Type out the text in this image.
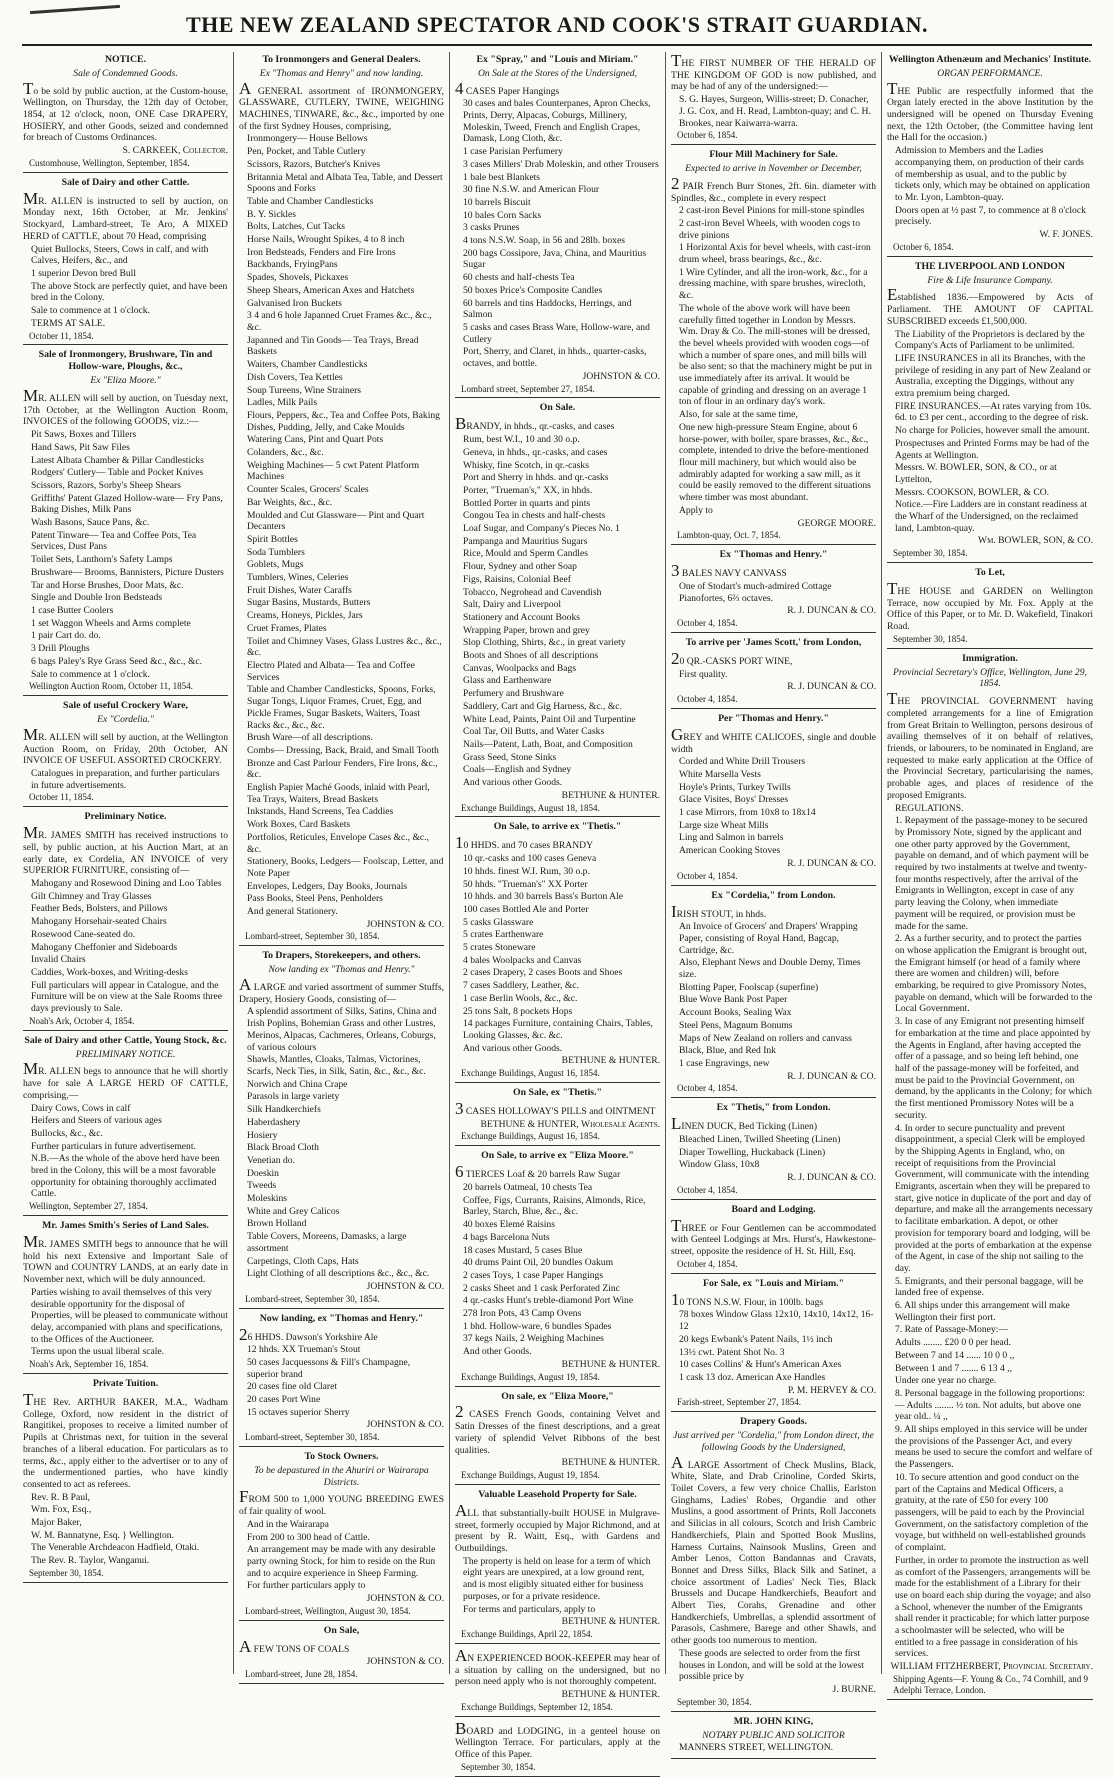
THE NEW ZEALAND SPECTATOR AND COOK'S STRAIT GUARDIAN.
NOTICE.
Sale of Condemned Goods.
To be sold by public auction, at the Custom-house, Wellington, on Thursday, the 12th day of October, 1854, at 12 o'clock, noon, ONE Case DRAPERY, HOSIERY, and other Goods, seized and condemned for breach of Customs Ordinances.
S. CARKEEK, Collector.
Customhouse, Wellington, September, 1854.
Sale of Dairy and other Cattle.
MR. ALLEN is instructed to sell by auction, on Monday next, 16th October, at Mr. Jenkins' Stockyard, Lambard-street, Te Aro, A MIXED HERD of CATTLE, about 70 Head, comprising
Quiet Bullocks, Steers, Cows in calf, and with Calves, Heifers, &c., and
1 superior Devon bred Bull
The above Stock are perfectly quiet, and have been bred in the Colony.
Sale to commence at 1 o'clock.
TERMS AT SALE.
October 11, 1854.
Sale of Ironmongery, Brushware, Tin and Hollow-ware, Ploughs, &c.,
Ex "Eliza Moore."
MR. ALLEN will sell by auction, on Tuesday next, 17th October, at the Wellington Auction Room, INVOICES of the following GOODS, viz.:—
Pit Saws, Boxes and Tillers
Hand Saws, Pit Saw Files
Latest Albata Chamber & Pillar Candlesticks
Rodgers' Cutlery— Table and Pocket Knives
Scissors, Razors, Sorby's Sheep Shears
Griffiths' Patent Glazed Hollow-ware— Fry Pans, Baking Dishes, Milk Pans
Wash Basons, Sauce Pans, &c.
Patent Tinware— Tea and Coffee Pots, Tea Services, Dust Pans
Toilet Sets, Lanthorn's Safety Lamps
Brushware— Brooms, Bannisters, Picture Dusters
Tar and Horse Brushes, Door Mats, &c.
Single and Double Iron Bedsteads
1 case Butter Coolers
1 set Waggon Wheels and Arms complete
1 pair Cart do. do.
3 Drill Ploughs
6 bags Paley's Rye Grass Seed &c., &c., &c.
Sale to commence at 1 o'clock.
Wellington Auction Room, October 11, 1854.
Sale of useful Crockery Ware,
Ex "Cordelia."
MR. ALLEN will sell by auction, at the Wellington Auction Room, on Friday, 20th October, AN INVOICE OF USEFUL ASSORTED CROCKERY.
Catalogues in preparation, and further particulars in future advertisements.
October 11, 1854.
Preliminary Notice.
MR. JAMES SMITH has received instructions to sell, by public auction, at his Auction Mart, at an early date, ex Cordelia, AN INVOICE of very SUPERIOR FURNITURE, consisting of—
Mahogany and Rosewood Dining and Loo Tables
Gilt Chimney and Tray Glasses
Feather Beds, Bolsters, and Pillows
Mahogany Horsehair-seated Chairs
Rosewood Cane-seated do.
Mahogany Cheffonier and Sideboards
Invalid Chairs
Caddies, Work-boxes, and Writing-desks
Full particulars will appear in Catalogue, and the Furniture will be on view at the Sale Rooms three days previously to Sale.
Noah's Ark, October 4, 1854.
Sale of Dairy and other Cattle, Young Stock, &c.
PRELIMINARY NOTICE.
MR. ALLEN begs to announce that he will shortly have for sale A LARGE HERD OF CATTLE, comprising,—
Dairy Cows, Cows in calf
Heifers and Steers of various ages
Bullocks, &c., &c.
Further particulars in future advertisement.
N.B.—As the whole of the above herd have been bred in the Colony, this will be a most favorable opportunity for obtaining thoroughly acclimated Cattle.
Wellington, September 27, 1854.
Mr. James Smith's Series of Land Sales.
MR. JAMES SMITH begs to announce that he will hold his next Extensive and Important Sale of TOWN and COUNTRY LANDS, at an early date in November next, which will be duly announced.
Parties wishing to avail themselves of this very desirable opportunity for the disposal of Properties, will be pleased to communicate without delay, accompanied with plans and specifications, to the Offices of the Auctioneer.
Terms upon the usual liberal scale.
Noah's Ark, September 16, 1854.
Private Tuition.
THE Rev. ARTHUR BAKER, M.A., Wadham College, Oxford, now resident in the district of Rangitikei, proposes to receive a limited number of Pupils at Christmas next, for tuition in the several branches of a liberal education. For particulars as to terms, &c., apply either to the advertiser or to any of the undermentioned parties, who have kindly consented to act as referees.
Rev. R. B Paul,
Wm. Fox, Esq.,
Major Baker,
W. M. Bannatyne, Esq. } Wellington.
The Venerable Archdeacon Hadfield, Otaki.
The Rev. R. Taylor, Wanganui.
September 30, 1854.
To Ironmongers and General Dealers.
Ex "Thomas and Henry" and now landing.
A GENERAL assortment of IRONMONGERY, GLASSWARE, CUTLERY, TWINE, WEIGHING MACHINES, TINWARE, &c., &c., imported by one of the first Sydney Houses, comprising,
Ironmongery— House Bellows
Pen, Pocket, and Table Cutlery
Scissors, Razors, Butcher's Knives
Britannia Metal and Albata Tea, Table, and Dessert Spoons and Forks
Table and Chamber Candlesticks
B. Y. Sickles
Bolts, Latches, Cut Tacks
Horse Nails, Wrought Spikes, 4 to 8 inch
Iron Bedsteads, Fenders and Fire Irons
Backbands, FryingPans
Spades, Shovels, Pickaxes
Sheep Shears, American Axes and Hatchets
Galvanised Iron Buckets
3 4 and 6 hole Japanned Cruet Frames &c., &c., &c.
Japanned and Tin Goods— Tea Trays, Bread Baskets
Waiters, Chamber Candlesticks
Dish Covers, Tea Kettles
Soup Tureens, Wine Strainers
Ladles, Milk Pails
Flours, Peppers, &c., Tea and Coffee Pots, Baking Dishes, Pudding, Jelly, and Cake Moulds
Watering Cans, Pint and Quart Pots
Colanders, &c., &c.
Weighing Machines— 5 cwt Patent Platform Machines
Counter Scales, Grocers' Scales
Bar Weights, &c., &c.
Moulded and Cut Glassware— Pint and Quart Decanters
Spirit Bottles
Soda Tumblers
Goblets, Mugs
Tumblers, Wines, Celeries
Fruit Dishes, Water Caraffs
Sugar Basins, Mustards, Butters
Creams, Honeys, Pickles, Jars
Cruet Frames, Plates
Toilet and Chimney Vases, Glass Lustres &c., &c., &c.
Electro Plated and Albata— Tea and Coffee Services
Table and Chamber Candlesticks, Spoons, Forks, Sugar Tongs, Liquor Frames, Cruet, Egg, and Pickle Frames, Sugar Baskets, Waiters, Toast Racks &c., &c., &c.
Brush Ware—of all descriptions.
Combs— Dressing, Back, Braid, and Small Tooth
Bronze and Cast Parlour Fenders, Fire Irons, &c., &c.
English Papier Maché Goods, inlaid with Pearl, Tea Trays, Waiters, Bread Baskets
Inkstands, Hand Screens, Tea Caddies
Work Boxes, Card Baskets
Portfolios, Reticules, Envelope Cases &c., &c., &c.
Stationery, Books, Ledgers— Foolscap, Letter, and Note Paper
Envelopes, Ledgers, Day Books, Journals
Pass Books, Steel Pens, Penholders
And general Stationery.
JOHNSTON & CO.
Lombard-street, September 30, 1854.
To Drapers, Storekeepers, and others.
Now landing ex "Thomas and Henry."
A LARGE and varied assortment of summer Stuffs, Drapery, Hosiery Goods, consisting of—
A splendid assortment of Silks, Satins, China and Irish Poplins, Bohemian Grass and other Lustres, Merinos, Alpacas, Cachmeres, Orleans, Coburgs, of various colours
Shawls, Mantles, Cloaks, Talmas, Victorines, Scarfs, Neck Ties, in Silk, Satin, &c., &c., &c.
Norwich and China Crape
Parasols in large variety
Silk Handkerchiefs
Haberdashery
Hosiery
Black Broad Cloth
Venetian do.
Doeskin
Tweeds
Moleskins
White and Grey Calicos
Brown Holland
Table Covers, Moreens, Damasks, a large assortment
Carpetings, Cloth Caps, Hats
Light Clothing of all descriptions &c., &c., &c.
JOHNSTON & CO.
Lombard-street, September 30, 1854.
Now landing, ex "Thomas and Henry."
26 HHDS. Dawson's Yorkshire Ale
12 hhds. XX Trueman's Stout
50 cases Jacquessons & Fill's Champagne, superior brand
20 cases fine old Claret
20 cases Port Wine
15 octaves superior Sherry
JOHNSTON & CO.
Lombard-street, September 30, 1854.
To Stock Owners.
To be depastured in the Ahuriri or Wairarapa Districts.
FROM 500 to 1,000 YOUNG BREEDING EWES of fair quality of wool.
And in the Wairarapa
From 200 to 300 head of Cattle.
An arrangement may be made with any desirable party owning Stock, for him to reside on the Run and to acquire experience in Sheep Farming.
For further particulars apply to
JOHNSTON & CO.
Lombard-street, Wellington, August 30, 1854.
On Sale,
A FEW TONS OF COALS
JOHNSTON & CO.
Lombard-street, June 28, 1854.
Ex "Spray," and "Louis and Miriam."
On Sale at the Stores of the Undersigned,
4 CASES Paper Hangings
30 cases and bales Counterpanes, Apron Checks, Prints, Derry, Alpacas, Coburgs, Millinery, Moleskin, Tweed, French and English Crapes, Damask, Long Cloth, &c.
1 case Parisian Perfumery
3 cases Millers' Drab Moleskin, and other Trousers
1 bale best Blankets
30 fine N.S.W. and American Flour
10 barrels Biscuit
10 bales Corn Sacks
3 casks Prunes
4 tons N.S.W. Soap, in 56 and 28lb. boxes
200 bags Cossipore, Java, China, and Mauritius Sugar
60 chests and half-chests Tea
50 boxes Price's Composite Candles
60 barrels and tins Haddocks, Herrings, and Salmon
5 casks and cases Brass Ware, Hollow-ware, and Cutlery
Port, Sherry, and Claret, in hhds., quarter-casks, octaves, and bottle.
JOHNSTON & CO.
Lombard street, September 27, 1854.
On Sale.
BRANDY, in hhds., qr.-casks, and cases
Rum, best W.I., 10 and 30 o.p.
Geneva, in hhds., qr.-casks, and cases
Whisky, fine Scotch, in qr.-casks
Port and Sherry in hhds. and qr.-casks
Porter, "Trueman's," XX, in hhds.
Bottled Porter in quarts and pints
Congou Tea in chests and half-chests
Loaf Sugar, and Company's Pieces No. 1
Pampanga and Mauritius Sugars
Rice, Mould and Sperm Candles
Flour, Sydney and other Soap
Figs, Raisins, Colonial Beef
Tobacco, Negrohead and Cavendish
Salt, Dairy and Liverpool
Stationery and Account Books
Wrapping Paper, brown and grey
Slop Clothing, Shirts, &c., in great variety
Boots and Shoes of all descriptions
Canvas, Woolpacks and Bags
Glass and Earthenware
Perfumery and Brushware
Saddlery, Cart and Gig Harness, &c., &c.
White Lead, Paints, Paint Oil and Turpentine
Coal Tar, Oil Butts, and Water Casks
Nails—Patent, Lath, Boat, and Composition
Grass Seed, Stone Sinks
Coals—English and Sydney
And various other Goods.
BETHUNE & HUNTER.
Exchange Buildings, August 18, 1854.
On Sale, to arrive ex "Thetis."
10 HHDS. and 70 cases BRANDY
10 qr.-casks and 100 cases Geneva
10 hhds. finest W.I. Rum, 30 o.p.
50 hhds. "Trueman's" XX Porter
10 hhds. and 30 barrels Bass's Burton Ale
100 cases Bottled Ale and Porter
5 casks Glassware
5 crates Earthenware
5 crates Stoneware
4 bales Woolpacks and Canvas
2 cases Drapery, 2 cases Boots and Shoes
7 cases Saddlery, Leather, &c.
1 case Berlin Wools, &c., &c.
25 tons Salt, 8 pockets Hops
14 packages Furniture, containing Chairs, Tables, Looking Glasses, &c. &c.
And various other Goods.
BETHUNE & HUNTER.
Exchange Buildings, August 16, 1854.
On Sale, ex "Thetis."
3 CASES HOLLOWAY'S PILLS and OINTMENT
BETHUNE & HUNTER, Wholesale Agents.
Exchange Buildings, August 16, 1854.
On Sale, to arrive ex "Eliza Moore."
6 TIERCES Loaf & 20 barrels Raw Sugar
20 barrels Oatmeal, 10 chests Tea
Coffee, Figs, Currants, Raisins, Almonds, Rice, Barley, Starch, Blue, &c., &c.
40 boxes Elemé Raisins
4 bags Barcelona Nuts
18 cases Mustard, 5 cases Blue
40 drums Paint Oil, 20 bundles Oakum
2 cases Toys, 1 case Paper Hangings
2 casks Sheet and 1 cask Perforated Zinc
4 qr.-casks Hunt's treble-diamond Port Wine
278 Iron Pots, 43 Camp Ovens
1 bhd. Hollow-ware, 6 bundles Spades
37 kegs Nails, 2 Weighing Machines
And other Goods.
BETHUNE & HUNTER.
Exchange Buildings, August 19, 1854.
On sale, ex "Eliza Moore,"
2 CASES French Goods, containing Velvet and Satin Dresses of the finest descriptions, and a great variety of splendid Velvet Ribbons of the best qualities.
BETHUNE & HUNTER.
Exchange Buildings, August 19, 1854.
Valuable Leasehold Property for Sale.
ALL that substantially-built HOUSE in Mulgrave-street, formerly occupied by Major Richmond, and at present by R. Waitt, Esq., with Gardens and Outbuildings.
The property is held on lease for a term of which eight years are unexpired, at a low ground rent, and is most eligibly situated either for business purposes, or for a private residence.
For terms and particulars, apply to
BETHUNE & HUNTER.
Exchange Buildings, April 22, 1854.
AN EXPERIENCED BOOK-KEEPER may hear of a situation by calling on the undersigned, but no person need apply who is not thoroughly competent.
BETHUNE & HUNTER.
Exchange Buildings, September 12, 1854.
BOARD and LODGING, in a genteel house on Wellington Terrace. For particulars, apply at the Office of this Paper.
September 30, 1854.
THE FIRST NUMBER OF THE HERALD OF THE KINGDOM OF GOD is now published, and may be had of any of the undersigned:—
S. G. Hayes, Surgeon, Willis-street; D. Conacher, J. G. Cox, and H. Read, Lambton-quay; and C. H. Brookes, near Kaiwarra-warra.
October 6, 1854.
Flour Mill Machinery for Sale.
Expected to arrive in November or December,
2 PAIR French Burr Stones, 2ft. 6in. diameter with Spindles, &c., complete in every respect
2 cast-iron Bevel Pinions for mill-stone spindles
2 cast-iron Bevel Wheels, with wooden cogs to drive pinions
1 Horizontal Axis for bevel wheels, with cast-iron drum wheel, brass bearings, &c., &c.
1 Wire Cylinder, and all the iron-work, &c., for a dressing machine, with spare brushes, wirecloth, &c.
The whole of the above work will have been carefully fitted together in London by Messrs. Wm. Dray & Co. The mill-stones will be dressed, the bevel wheels provided with wooden cogs—of which a number of spare ones, and mill bills will be also sent; so that the machinery might be put in use immediately after its arrival. It would be capable of grinding and dressing on an average 1 ton of flour in an ordinary day's work.
Also, for sale at the same time,
One new high-pressure Steam Engine, about 6 horse-power, with boiler, spare brasses, &c., &c., complete, intended to drive the before-mentioned flour mill machinery, but which would also be admirably adapted for working a saw mill, as it could be easily removed to the different situations where timber was most abundant.
Apply to
GEORGE MOORE.
Lambton-quay, Oct. 7, 1854.
Ex "Thomas and Henry."
3 BALES NAVY CANVASS
One of Stodart's much-admired Cottage Pianofortes, 6⅔ octaves.
R. J. DUNCAN & CO.
October 4, 1854.
To arrive per 'James Scott,' from London,
20 QR.-CASKS PORT WINE,
First quality.
R. J. DUNCAN & CO.
October 4, 1854.
Per "Thomas and Henry."
GREY and WHITE CALICOES, single and double width
Corded and White Drill Trousers
White Marsella Vests
Hoyle's Prints, Turkey Twills
Glace Visites, Boys' Dresses
1 case Mirrors, from 10x8 to 18x14
Large size Wheat Mills
Ling and Salmon in barrels
American Cooking Stoves
R. J. DUNCAN & CO.
October 4, 1854.
Ex "Cordelia," from London.
IRISH STOUT, in hhds.
An Invoice of Grocers' and Drapers' Wrapping Paper, consisting of Royal Hand, Bagcap, Cartridge, &c.
Also, Elephant News and Double Demy, Times size.
Blotting Paper, Foolscap (superfine)
Blue Wove Bank Post Paper
Account Books, Sealing Wax
Steel Pens, Magnum Bonums
Maps of New Zealand on rollers and canvass
Black, Blue, and Red Ink
1 case Engravings, new
R. J. DUNCAN & CO.
October 4, 1854.
Ex "Thetis," from London.
LINEN DUCK, Bed Ticking (Linen)
Bleached Linen, Twilled Sheeting (Linen)
Diaper Towelling, Huckaback (Linen)
Window Glass, 10x8
R. J. DUNCAN & CO.
October 4, 1854.
Board and Lodging.
THREE or Four Gentlemen can be accommodated with Genteel Lodgings at Mrs. Hurst's, Hawkestone-street, opposite the residence of H. St. Hill, Esq.
October 4, 1854.
For Sale, ex "Louis and Miriam."
10 TONS N.S.W. Flour, in 100lb. bags
78 boxes Window Glass 12x10, 14x10, 14x12, 16-12
20 kegs Ewbank's Patent Nails, 1½ inch
13½ cwt. Patent Shot No. 3
10 cases Collins' & Hunt's American Axes
1 cask 13 doz. American Axe Handles
P. M. HERVEY & CO.
Farish-street, September 27, 1854.
Drapery Goods.
Just arrived per "Cordelia," from London direct, the following Goods by the Undersigned,
A LARGE Assortment of Check Muslins, Black, White, Slate, and Drab Crinoline, Corded Skirts, Toilet Covers, a few very choice Challis, Earlston Ginghams, Ladies' Robes, Organdie and other Muslins, a good assortment of Prints, Roll Jacconets and Silicias in all colours, Scotch and Irish Cambric Handkerchiefs, Plain and Spotted Book Muslins, Harness Curtains, Nainsook Muslins, Green and Amber Lenos, Cotton Bandannas and Cravats, Bonnet and Dress Silks, Black Silk and Satinet, a choice assortment of Ladies' Neck Ties, Black Brussels and Ducape Handkerchiefs, Beaufort and Albert Ties, Corahs, Grenadine and other Handkerchiefs, Umbrellas, a splendid assortment of Parasols, Cashmere, Barege and other Shawls, and other goods too numerous to mention.
These goods are selected to order from the first houses in London, and will be sold at the lowest possible price by
J. BURNE.
September 30, 1854.
MR. JOHN KING,
NOTARY PUBLIC AND SOLICITOR
MANNERS STREET, WELLINGTON.
Wellington Athenæum and Mechanics' Institute.
ORGAN PERFORMANCE.
THE Public are respectfully informed that the Organ lately erected in the above Institution by the undersigned will be opened on Thursday Evening next, the 12th October, (the Committee having lent the Hall for the occasion.)
Admission to Members and the Ladies accompanying them, on production of their cards of membership as usual, and to the public by tickets only, which may be obtained on application to Mr. Lyon, Lambton-quay.
Doors open at ½ past 7, to commence at 8 o'clock precisely.
W. F. JONES.
October 6, 1854.
THE LIVERPOOL AND LONDON
Fire & Life Insurance Company.
Established 1836.—Empowered by Acts of Parliament. THE AMOUNT OF CAPITAL SUBSCRIBED exceeds £1,500,000.
The Liability of the Proprietors is declared by the Company's Acts of Parliament to be unlimited.
LIFE INSURANCES in all its Branches, with the privilege of residing in any part of New Zealand or Australia, excepting the Diggings, without any extra premium being charged.
FIRE INSURANCES.—At rates varying from 10s. 6d. to £3 per cent., according to the degree of risk.
No charge for Policies, however small the amount.
Prospectuses and Printed Forms may be had of the Agents at Wellington.
Messrs. W. BOWLER, SON, & CO., or at Lyttelton,
Messrs. COOKSON, BOWLER, & CO.
Notice.—Fire Ladders are in constant readiness at the Wharf of the Undersigned, on the reclaimed land, Lambton-quay.
Wm. BOWLER, SON, & CO.
September 30, 1854.
To Let,
THE HOUSE and GARDEN on Wellington Terrace, now occupied by Mr. Fox. Apply at the Office of this Paper, or to Mr. D. Wakefield, Tinakori Road.
September 30, 1854.
Immigration.
Provincial Secretary's Office, Wellington, June 29, 1854.
THE PROVINCIAL GOVERNMENT having completed arrangements for a line of Emigration from Great Britain to Wellington, persons desirous of availing themselves of it on behalf of relatives, friends, or labourers, to be nominated in England, are requested to make early application at the Office of the Provincial Secretary, particularising the names, probable ages, and places of residence of the proposed Emigrants.
REGULATIONS.
1. Repayment of the passage-money to be secured by Promissory Note, signed by the applicant and one other party approved by the Government, payable on demand, and of which payment will be required by two instalments at twelve and twenty-four months respectively, after the arrival of the Emigrants in Wellington, except in case of any party leaving the Colony, when immediate payment will be required, or provision must be made for the same.
2. As a further security, and to protect the parties on whose application the Emigrant is brought out, the Emigrant himself (or head of a family where there are women and children) will, before embarking, be required to give Promissory Notes, payable on demand, which will be forwarded to the Local Government.
3. In case of any Emigrant not presenting himself for embarkation at the time and place appointed by the Agents in England, after having accepted the offer of a passage, and so being left behind, one half of the passage-money will be forfeited, and must be paid to the Provincial Government, on demand, by the applicants in the Colony; for which the first mentioned Promissory Notes will be a security.
4. In order to secure punctuality and prevent disappointment, a special Clerk will be employed by the Shipping Agents in England, who, on receipt of requisitions from the Provincial Government, will communicate with the intending Emigrants, ascertain when they will be prepared to start, give notice in duplicate of the port and day of departure, and make all the arrangements necessary to facilitate embarkation. A depot, or other provision for temporary board and lodging, will be provided at the ports of embarkation at the expense of the Agent, in case of the ship not sailing to the day.
5. Emigrants, and their personal baggage, will be landed free of expense.
6. All ships under this arrangement will make Wellington their first port.
7. Rate of Passage-Money:—
Adults ........ £20 0 0 per head.
Between 7 and 14 ...... 10 0 0 ,,
Between 1 and 7 ....... 6 13 4 ,,
Under one year no charge.
8. Personal baggage in the following proportions:— Adults ........ ½ ton. Not adults, but above one year old.. ¼ ,,
9. All ships employed in this service will be under the provisions of the Passenger Act, and every means be used to secure the comfort and welfare of the Passengers.
10. To secure attention and good conduct on the part of the Captains and Medical Officers, a gratuity, at the rate of £50 for every 100 passengers, will be paid to each by the Provincial Government, on the satisfactory completion of the voyage, but withheld on well-established grounds of complaint.
Further, in order to promote the instruction as well as comfort of the Passengers, arrangements will be made for the establishment of a Library for their use on board each ship during the voyage; and also a School, whenever the number of the Emigrants shall render it practicable; for which latter purpose a schoolmaster will be selected, who will be entitled to a free passage in consideration of his services.
WILLIAM FITZHERBERT, Provincial Secretary.
Shipping Agents—F. Young & Co., 74 Cornhill, and 9 Adelphi Terrace, London.
